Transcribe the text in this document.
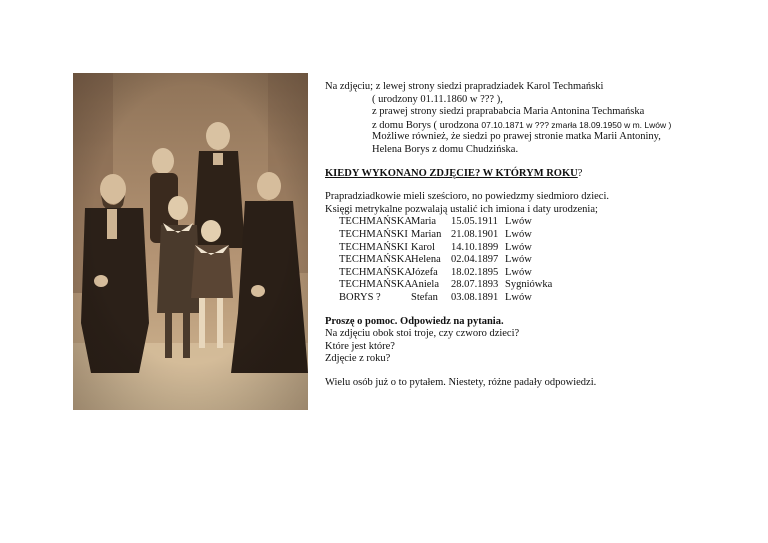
Na zdjęciu; z lewej strony siedzi prapradziadek Karol Techmański
( urodzony 01.11.1860 w ??? ),
z prawej strony siedzi praprababcia Maria Antonina Techmańska
z domu Borys ( urodzona 07.10.1871 w ??? zmarła 18.09.1950 w m. Lwów )
Możliwe również, że siedzi po prawej stronie matka Marii Antoniny,
Helena Borys z domu Chudzińska.
KIEDY WYKONANO ZDJĘCIE? W KTÓRYM ROKU?
Prapradziadkowie mieli sześcioro, no powiedzmy siedmioro dzieci.
Księgi metrykalne pozwalają ustalić ich imiona i daty urodzenia;
TECHMAŃSKA Maria	15.05.1911 Lwów
TECHMAŃSKI Marian 21.08.1901 Lwów
TECHMAŃSKI Karol	14.10.1899 Lwów
TECHMAŃSKA Helena 02.04.1897 Lwów
TECHMAŃSKA Józefa	18.02.1895 Lwów
TECHMAŃSKA Aniela	28.07.1893 Sygniówka
BORYS ?	Stefan	03.08.1891 Lwów
Proszę o pomoc. Odpowiedz na pytania.
Na zdjęciu obok stoi troje, czy czworo dzieci?
Które jest które?
Zdjęcie z roku?
Wielu osób już o to pytałem. Niestety, różne padały odpowiedzi.
